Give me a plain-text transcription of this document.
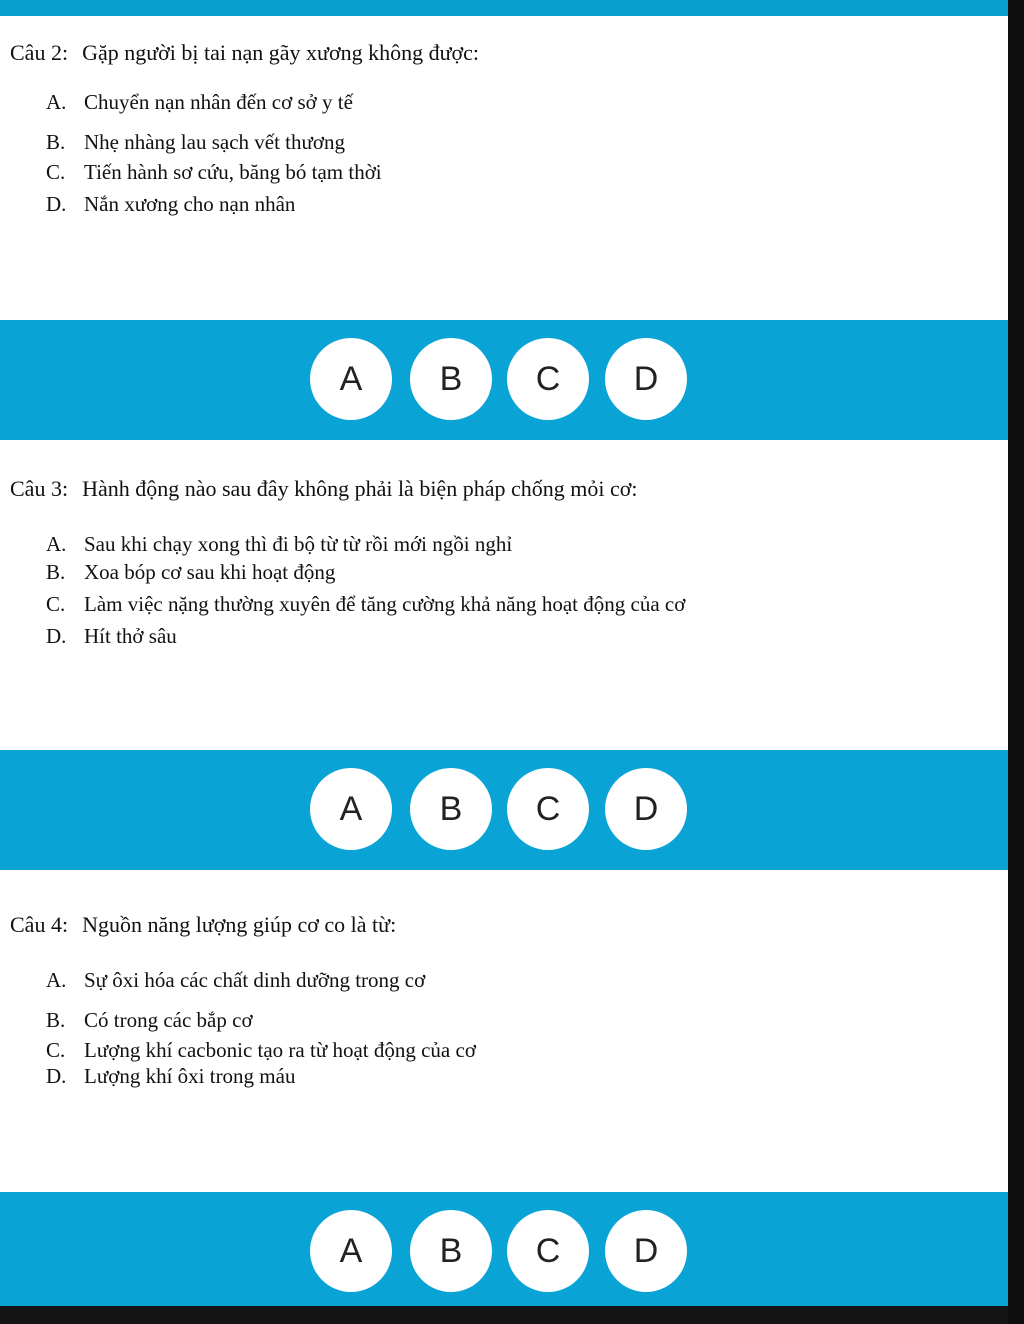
Câu 2: Gặp người bị tai nạn gãy xương không được:
A. Chuyển nạn nhân đến cơ sở y tế
B. Nhẹ nhàng lau sạch vết thương
C. Tiến hành sơ cứu, băng bó tạm thời
D. Nắn xương cho nạn nhân
A	B	C	D
Câu 3: Hành động nào sau đây không phải là biện pháp chống mỏi cơ:
A. Sau khi chạy xong thì đi bộ từ từ rồi mới ngồi nghỉ
B. Xoa bóp cơ sau khi hoạt động
C. Làm việc nặng thường xuyên để tăng cường khả năng hoạt động của cơ
D. Hít thở sâu
A	B	C	D
Câu 4: Nguồn năng lượng giúp cơ co là từ:
A. Sự ôxi hóa các chất dinh dưỡng trong cơ
B. Có trong các bắp cơ
C. Lượng khí cacbonic tạo ra từ hoạt động của cơ
D. Lượng khí ôxi trong máu
A	B	C	D
